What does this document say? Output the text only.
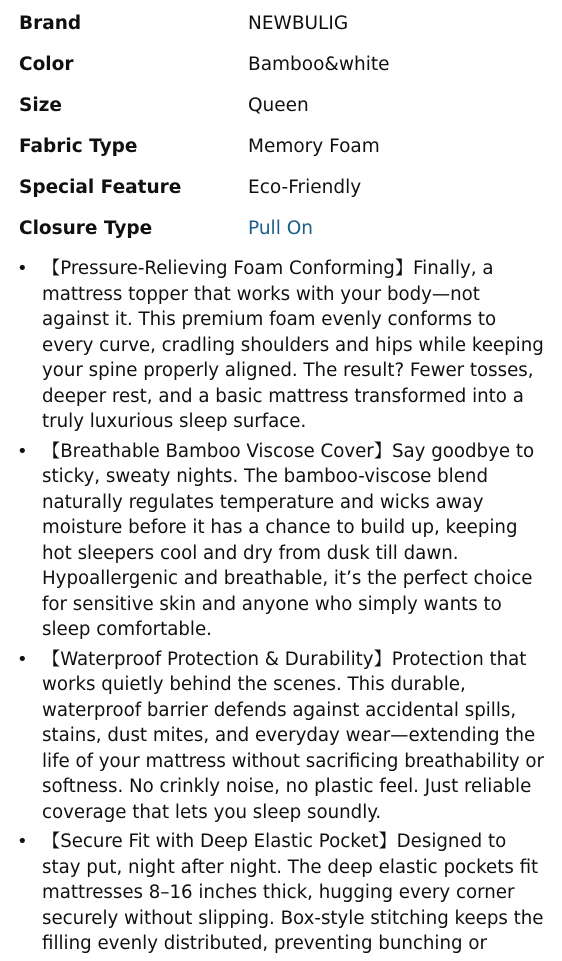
Brand	NEWBULIG
Color	Bamboo&white
Size	Queen
Fabric Type	Memory Foam
Special Feature	Eco-Friendly
Closure Type	Pull On
• 【Pressure-Relieving Foam Conforming】Finally, a mattress topper that works with your body—not against it. This premium foam evenly conforms to every curve, cradling shoulders and hips while keeping your spine properly aligned. The result? Fewer tosses, deeper rest, and a basic mattress transformed into a truly luxurious sleep surface.
• 【Breathable Bamboo Viscose Cover】Say goodbye to sticky, sweaty nights. The bamboo-viscose blend naturally regulates temperature and wicks away moisture before it has a chance to build up, keeping hot sleepers cool and dry from dusk till dawn. Hypoallergenic and breathable, it’s the perfect choice for sensitive skin and anyone who simply wants to sleep comfortable.
• 【Waterproof Protection & Durability】Protection that works quietly behind the scenes. This durable, waterproof barrier defends against accidental spills, stains, dust mites, and everyday wear—extending the life of your mattress without sacrificing breathability or softness. No crinkly noise, no plastic feel. Just reliable coverage that lets you sleep soundly.
• 【Secure Fit with Deep Elastic Pocket】Designed to stay put, night after night. The deep elastic pockets fit mattresses 8–16 inches thick, hugging every corner securely without slipping. Box-style stitching keeps the filling evenly distributed, preventing bunching or
